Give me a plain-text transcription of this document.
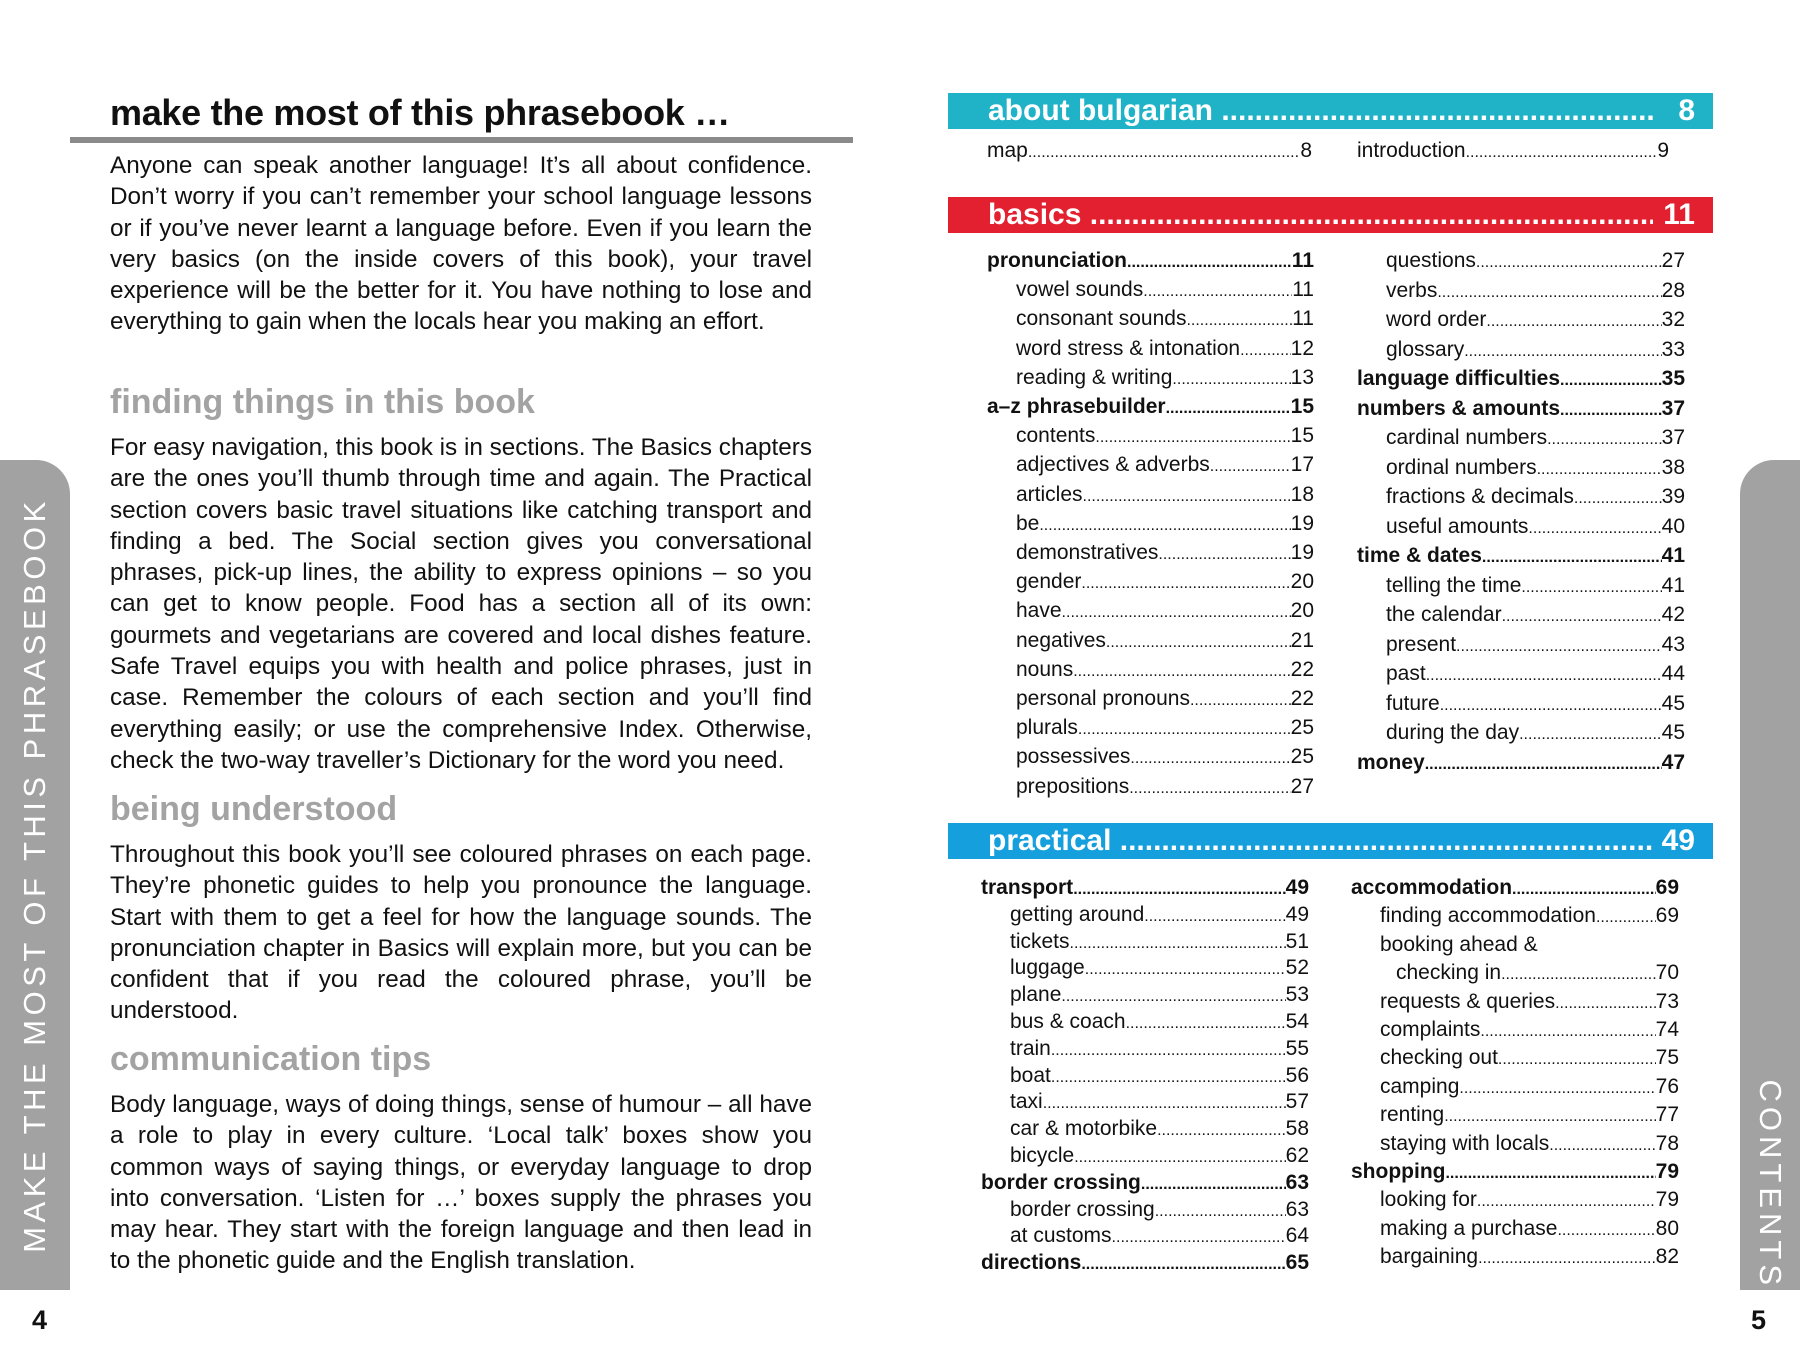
make the most of this phrasebook …
Anyone can speak another language! It’s all about confidence. Don’t worry if you can’t remember your school language lessons or if you’ve never learnt a language before. Even if you learn the very basics (on the inside covers of this book), your travel experience will be the better for it. You have nothing to lose and everything to gain when the locals hear you making an effort.
finding things in this book
For easy navigation, this book is in sections. The Basics chapters are the ones you’ll thumb through time and again. The Practical section covers basic travel situations like catching transport and finding a bed. The Social section gives you conversational phrases, pick-up lines, the ability to express opinions – so you can get to know people. Food has a section all of its own: gourmets and vegetarians are covered and local dishes feature. Safe Travel equips you with health and police phrases, just in case. Remember the colours of each section and you’ll find everything easily; or use the comprehensive Index. Otherwise, check the two-way traveller’s Dictionary for the word you need.
being understood
Throughout this book you’ll see coloured phrases on each page. They’re phonetic guides to help you pronounce the language. Start with them to get a feel for how the language sounds. The pronunciation chapter in Basics will explain more, but you can be confident that if you read the coloured phrase, you’ll be understood.
communication tips
Body language, ways of doing things, sense of humour – all have a role to play in every culture. ‘Local talk’ boxes show you common ways of saying things, or everyday language to drop into conversation. ‘Listen for …’ boxes supply the phrases you may hear. They start with the foreign language and then lead in to the phonetic guide and the English translation.
MAKE THE MOST OF THIS PHRASEBOOK
4
about bulgarian .....	8
basics .....	11
practical .....	49
map .....	8 introduction .....	9
pronunciation .....	11
vowel sounds .....	11
consonant sounds .....	11
word stress & intonation ..... 12
reading & writing .....	13
a–z phrasebuilder .....	15
contents .....	15
adjectives & adverbs .....	17
articles .....	18
be .....	19
demonstratives .....	19
gender .....	20
have .....	20
negatives .....	21
nouns .....	22
personal pronouns .....	22
plurals .....	25
possessives .....	25
prepositions .....	27
questions .....	27
verbs .....	28
word order .....	32
glossary .....	33
language difficulties .....	35
numbers & amounts .....	37
cardinal numbers .....	37
ordinal numbers .....	38
fractions & decimals .....	39
useful amounts .....	40
time & dates .....	41
telling the time .....	41
the calendar .....	42
present .....	43
past .....	44
future .....	45
during the day .....	45
money .....	47
transport .....	49
getting around .....	49
tickets .....	51
luggage .....	52
plane .....	53
bus & coach .....	54
train .....	55
boat .....	56
taxi .....	57
car & motorbike .....	58
bicycle .....	62
border crossing .....	63
border crossing .....	63
at customs .....	64
directions .....	65
accommodation .....	69
finding accommodation .....	69
booking ahead &
checking in .....	70
requests & queries .....	73
complaints .....	74
checking out .....	75
camping .....	76
renting .....	77
staying with locals .....	78
shopping .....	79
looking for .....	79
making a purchase .....	80
bargaining .....	82	CONTENTS
5
